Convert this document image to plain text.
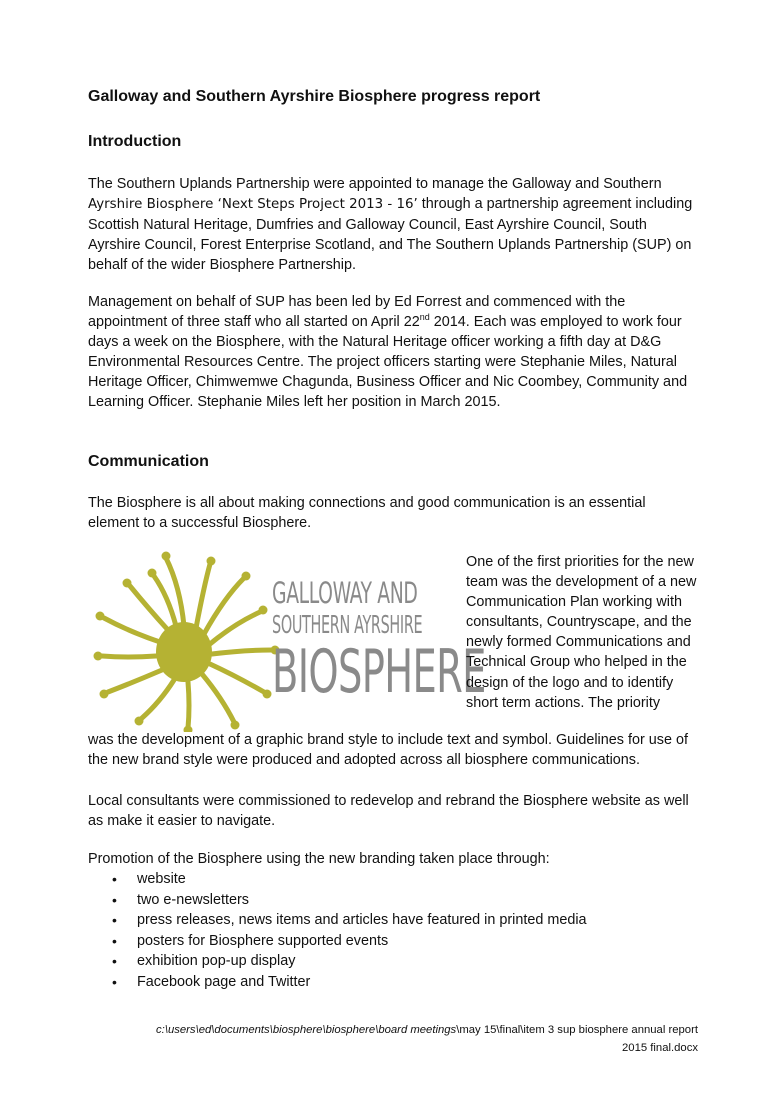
Galloway and Southern Ayrshire Biosphere progress report
Introduction

The Southern Uplands Partnership were appointed to manage the Galloway and Southern Ayrshire Biosphere ‘Next Steps Project 2013 - 16’ through a partnership agreement including Scottish Natural Heritage, Dumfries and Galloway Council, East Ayrshire Council, South Ayrshire Council, Forest Enterprise Scotland, and The Southern Uplands Partnership (SUP) on behalf of the wider Biosphere Partnership.

Management on behalf of SUP has been led by Ed Forrest and commenced with the appointment of three staff who all started on April 22nd 2014. Each was employed to work four days a week on the Biosphere, with the Natural Heritage officer working a fifth day at D&G Environmental Resources Centre. The project officers starting were Stephanie Miles, Natural Heritage Officer, Chimwemwe Chagunda, Business Officer and Nic Coombey, Community and Learning Officer. Stephanie Miles left her position in March 2015.

Communication
The Biosphere is all about making connections and good communication is an essential element to a successful Biosphere.
GALLOWAY AND
SOUTHERN AYRSHIRE
BIOSPHERE
One of the first priorities for the new team was the development of a new Communication Plan working with consultants, Countryscape, and the newly formed Communications and Technical Group who helped in the design of the logo and to identify short term actions. The priority
was the development of a graphic brand style to include text and symbol. Guidelines for use of the new brand style were produced and adopted across all biosphere communications.
Local consultants were commissioned to redevelop and rebrand the Biosphere website as well as make it easier to navigate.
Promotion of the Biosphere using the new branding taken place through:
• website
• two e-newsletters
• press releases, news items and articles have featured in printed media
• posters for Biosphere supported events
• exhibition pop-up display
• Facebook page and Twitter
c:\users\ed\documents\biosphere\biosphere\board meetings\may 15\final\item 3 sup biosphere annual report
2015 final.docx
